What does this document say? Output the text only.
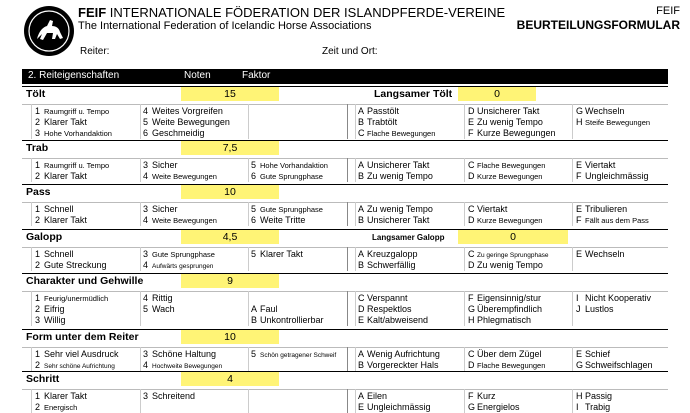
FEIF INTERNATIONALE FÖDERATION DER ISLANDPFERDE-VEREINE
The International Federation of Icelandic Horse Associations
FEIF
BEURTEILUNGSFORMULAR
Reiter:	Zeit und Ort:
2. Reiteigenschaften	Noten	Faktor
Tölt	15	Langsamer Tölt	0
1 Raumgriff u. Tempo	4 Weites Vorgreifen
2 Klarer Takt	5 Weite Bewegungen
3 Hohe Vorhandaktion	6 Geschmeidig
A Passtölt	D Unsicherer Takt	G Wechseln
B Trabtölt	E Zu wenig Tempo	H Steife Bewegungen
C Flache Bewegungen	F Kurze Bewegungen
Trab	7,5
1 Raumgriff u. Tempo	3 Sicher	5 Hohe Vorhandaktion
2 Klarer Takt	4 Weite Bewegungen	6 Gute Sprungphase
A Unsicherer Takt	C Flache Bewegungen	E Viertakt
B Zu wenig Tempo	D Kurze Bewegungen	F Ungleichmässig
Pass	10
1 Schnell	3 Sicher	5 Gute Sprungphase
2 Klarer Takt	4 Weite Bewegungen	6 Weite Tritte
A Zu wenig Tempo	C Viertakt	E Tribulieren
B Unsicherer Takt	D Kurze Bewegungen	F Fällt aus dem Pass
Galopp	4,5	Langsamer Galopp	0
1 Schnell	3 Gute Sprungphase	5 Klarer Takt
2 Gute Streckung	4 Aufwärts gesprungen
A Kreuzgalopp	C Zu geringe Sprungphase	E Wechseln
B Schwerfällig	D Zu wenig Tempo
Charakter und Gehwille	9
1 Feurig/unermüdlich	4 Rittig
2 Eifrig	5 Wach	A Faul
3 Willig	B Unkontrollierbar
C Verspannt	F Eigensinnig/stur	I Nicht Kooperativ
D Respektlos	G Überempfindlich	J Lustlos
E Kalt/abweisend	H Phlegmatisch
Form unter dem Reiter	10
1 Sehr viel Ausdruck	3 Schöne Haltung	5 Schön getragener Schweif
2 Sehr schöne Aufrichtung	4 Hochweite Bewegungen
A Wenig Aufrichtung	C Über dem Zügel	E Schief
B Vorgereckter Hals	D Flache Bewegungen	G Schweifschlagen
Schritt	4
1 Klarer Takt	3 Schreitend
2 Energisch
A Eilen	F Kurz	H Passig
E Ungleichmässig	G Energielos	I Trabig
